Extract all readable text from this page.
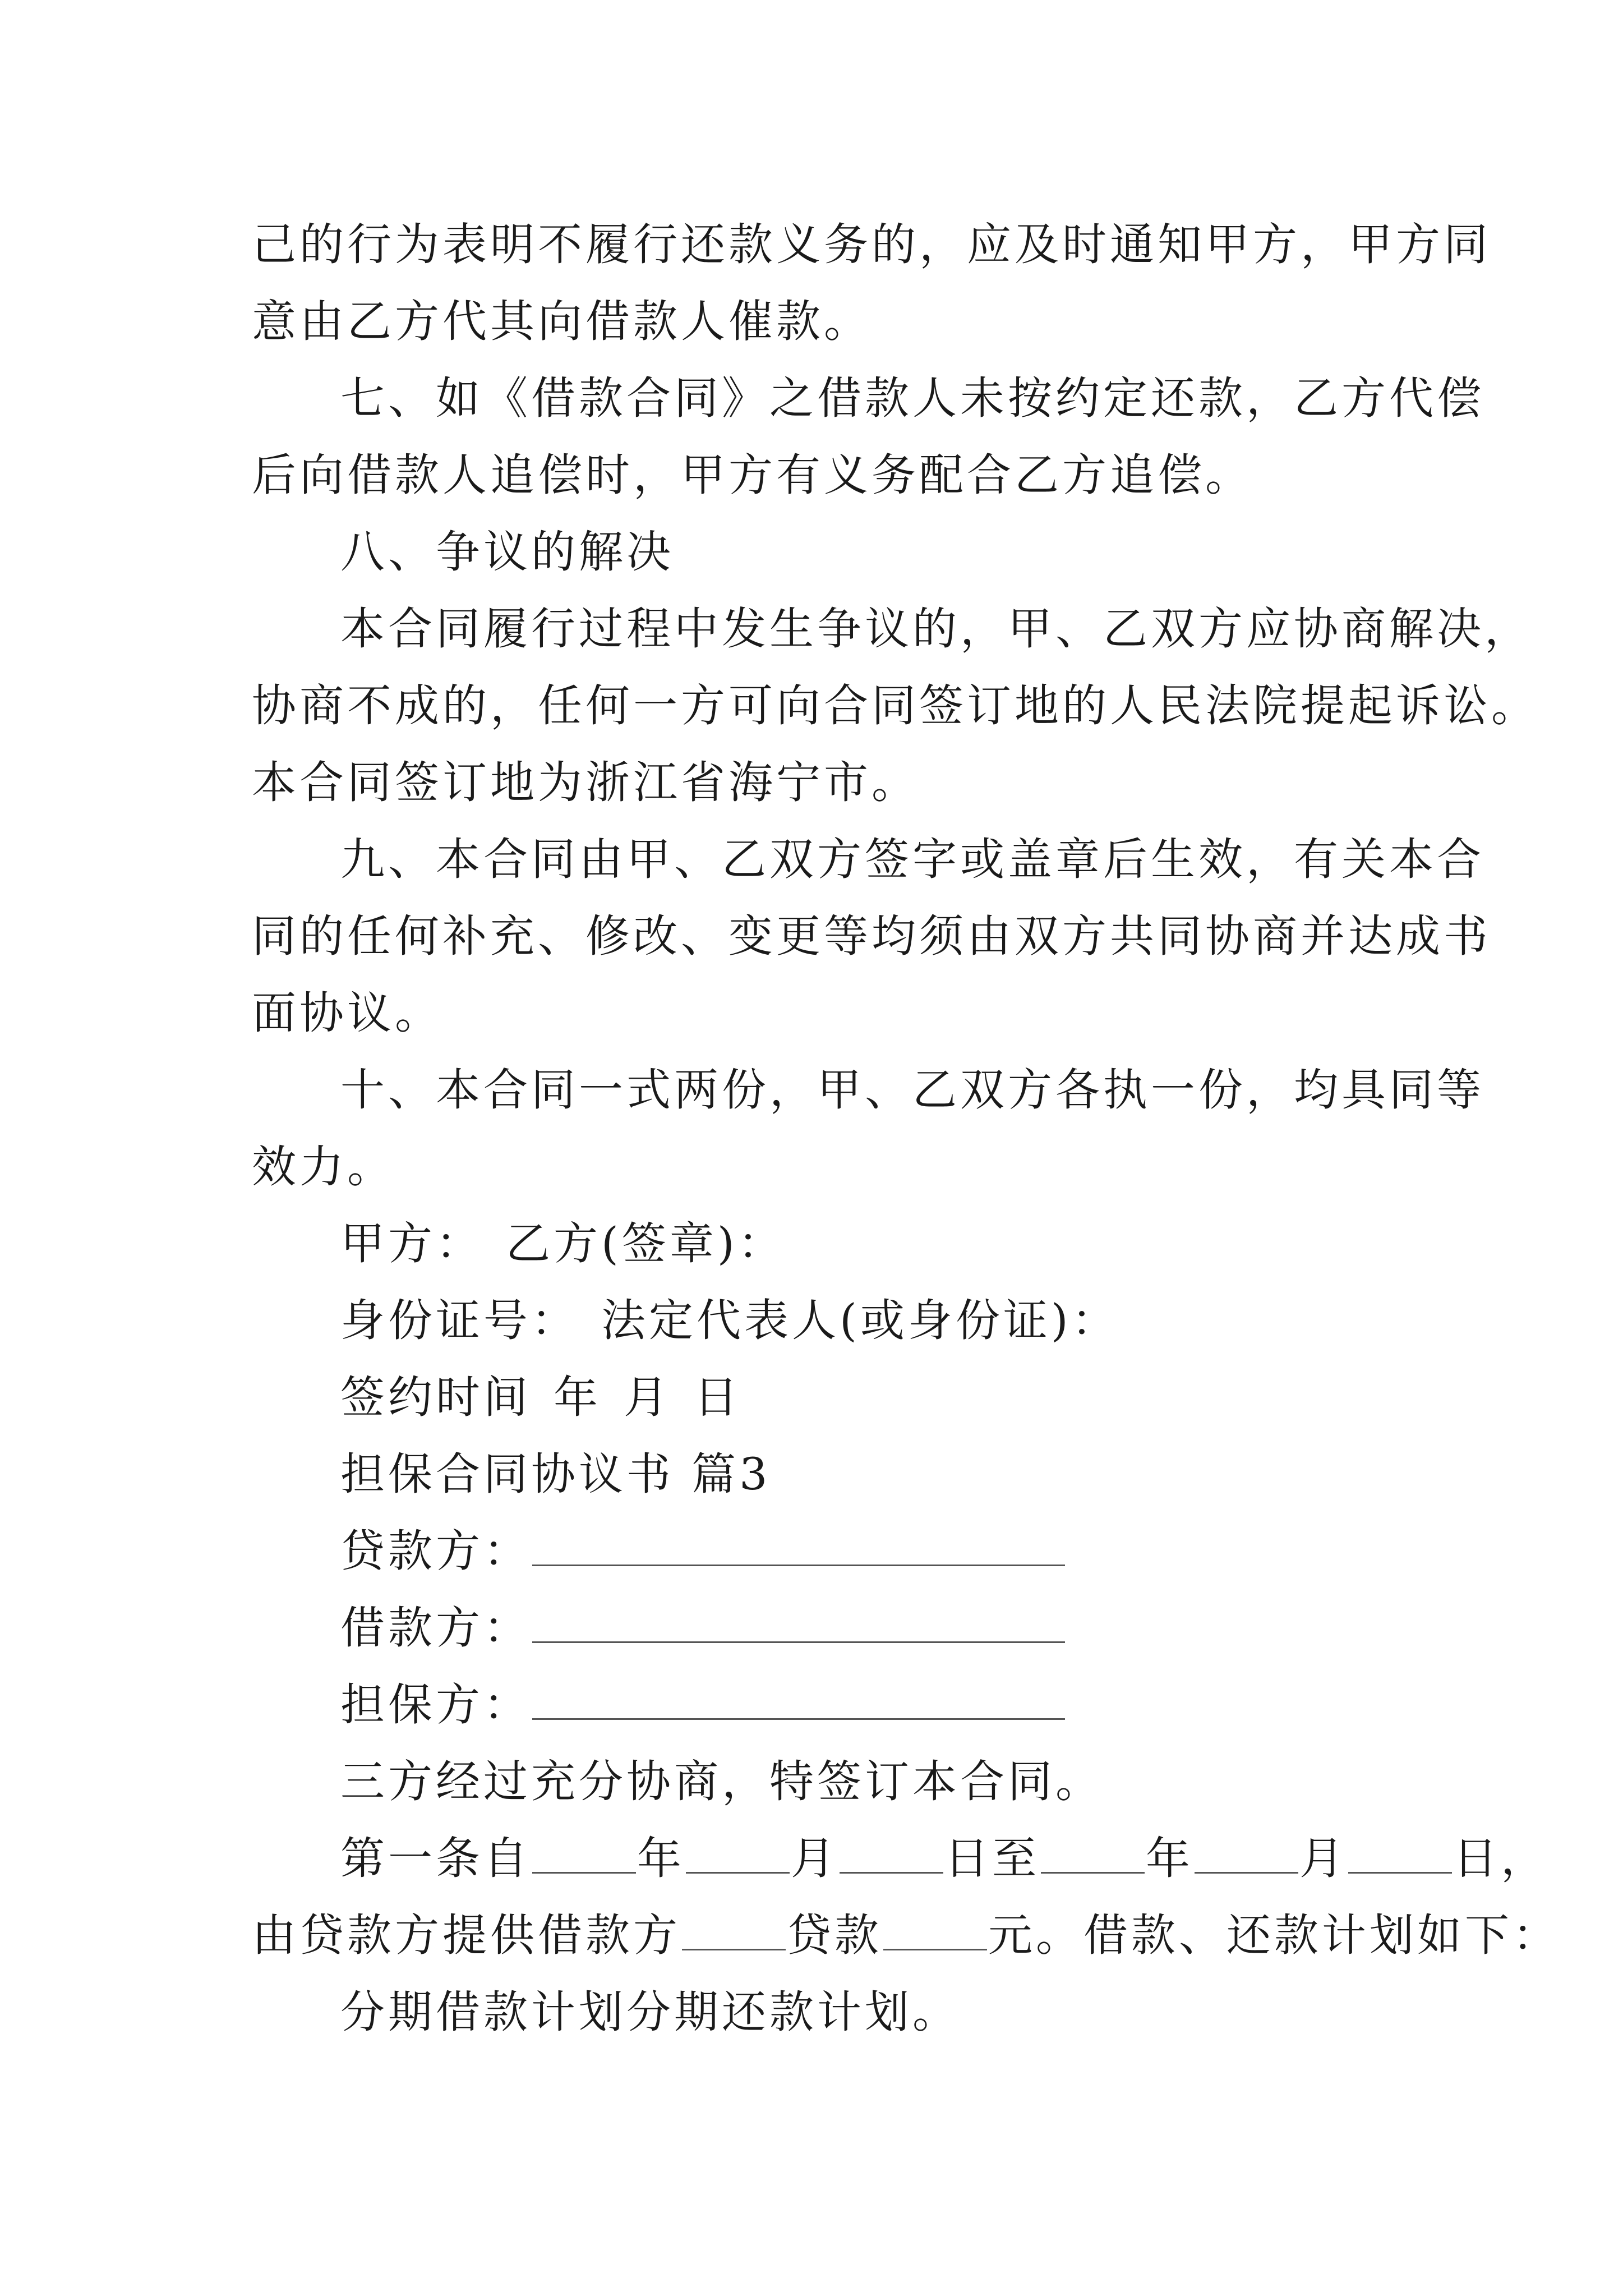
己的行为表明不履行还款义务的，应及时通知甲方，甲方同
意由乙方代其向借款人催款。
七、如《借款合同》之借款人未按约定还款，乙方代偿
后向借款人追偿时，甲方有义务配合乙方追偿。
八、争议的解决
本合同履行过程中发生争议的，甲、乙双方应协商解决，
协商不成的，任何一方可向合同签订地的人民法院提起诉讼。
本合同签订地为浙江省海宁市。
九、本合同由甲、乙双方签字或盖章后生效，有关本合
同的任何补充、修改、变更等均须由双方共同协商并达成书
面协议。
十、本合同一式两份，甲、乙双方各执一份，均具同等
效力。
甲方： 乙方(签章)：
身份证号： 法定代表人(或身份证)：
签约时间 年 月 日
担保合同协议书 篇3
贷款方：
借款方：
担保方：
三方经过充分协商，特签订本合同。
第一条自 年 月 日至 年 月 日，
由贷款方提供借款方 贷款 元。借款、还款计划如下：
分期借款计划分期还款计划。
